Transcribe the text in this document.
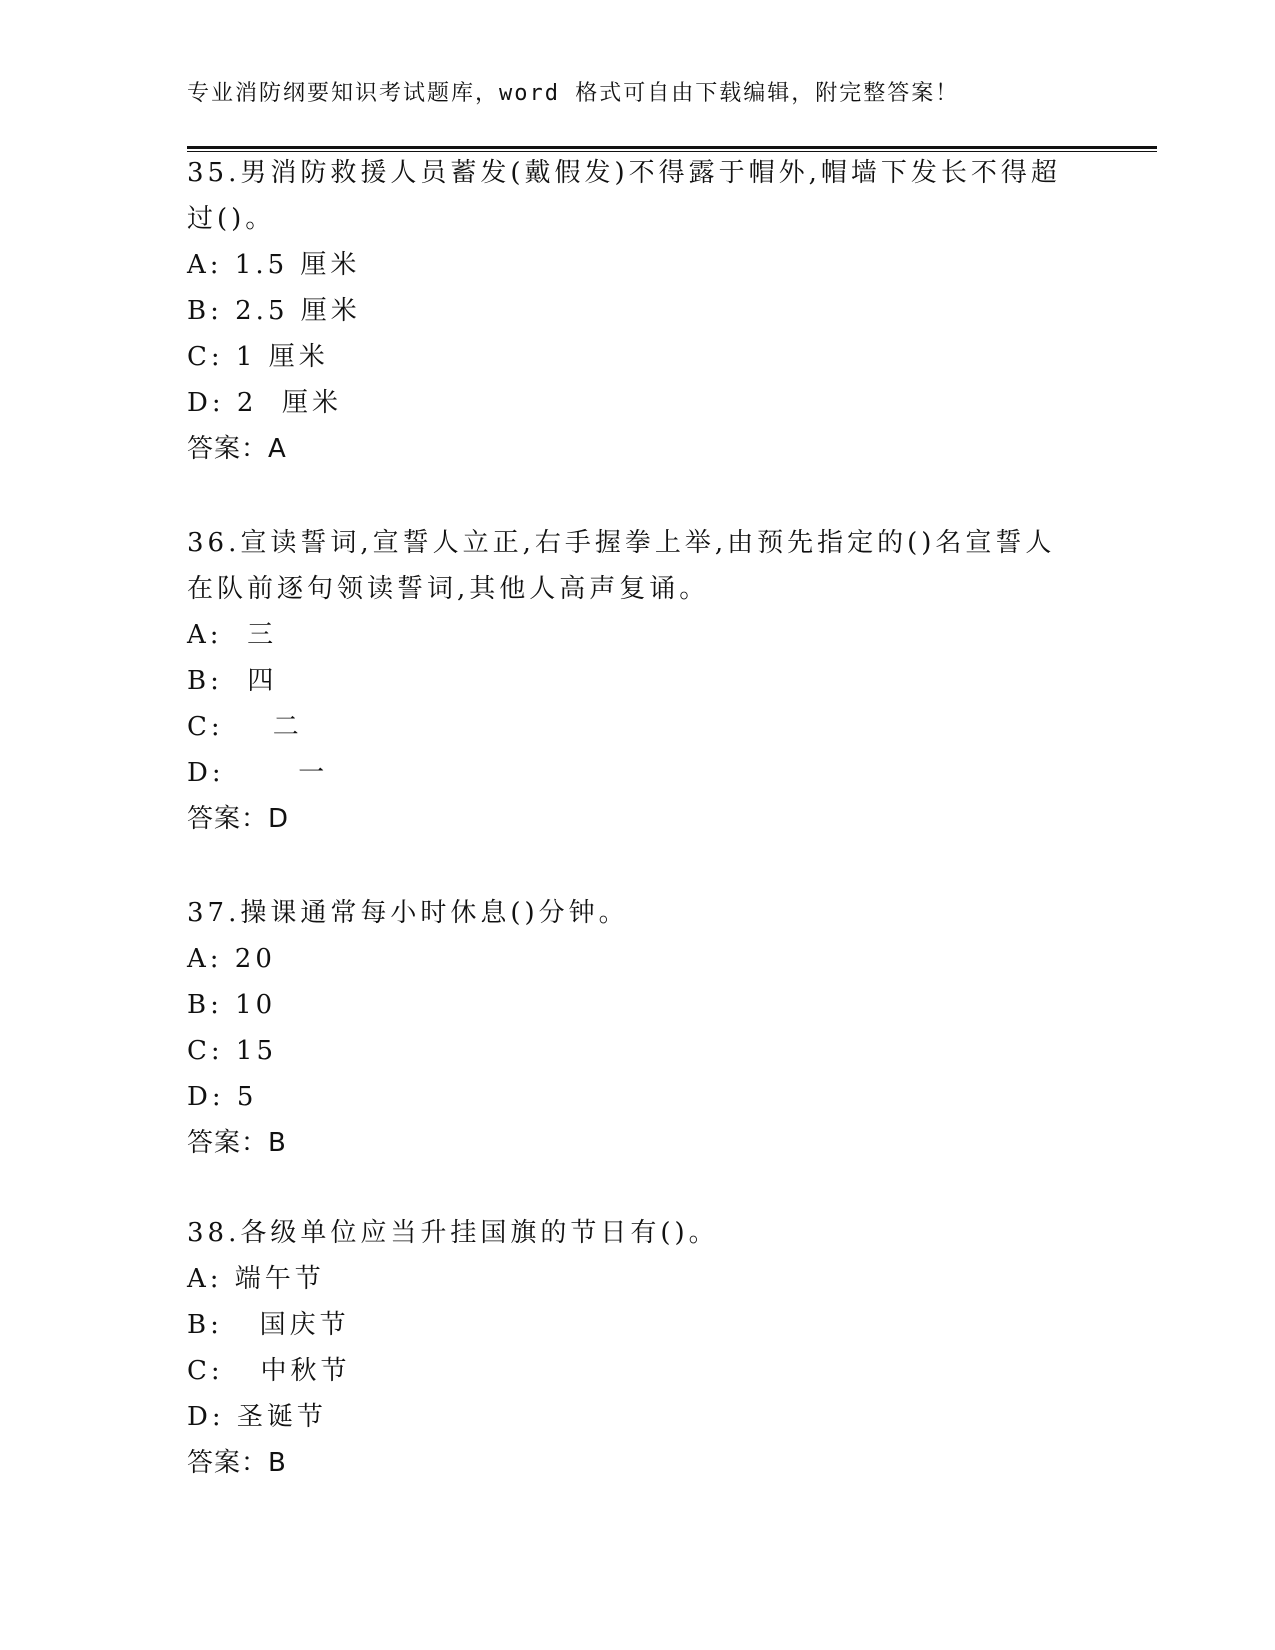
专业消防纲要知识考试题库，word 格式可自由下载编辑，附完整答案！

35.男消防救援人员蓄发(戴假发)不得露于帽外,帽墙下发长不得超过()。

A: 1.5 厘米

B: 2.5 厘米

C: 1 厘米

D: 2  厘米

答案：A

36.宣读誓词,宣誓人立正,右手握拳上举,由预先指定的()名宣誓人在队前逐句领读誓词,其他人高声复诵。

A:  三

B:  四

C:    二

D:      一

答案：D

37.操课通常每小时休息()分钟。

A: 20

B: 10

C: 15

D: 5

答案：B

38.各级单位应当升挂国旗的节日有()。

A: 端午节

B:   国庆节

C:   中秋节

D: 圣诞节

答案：B
